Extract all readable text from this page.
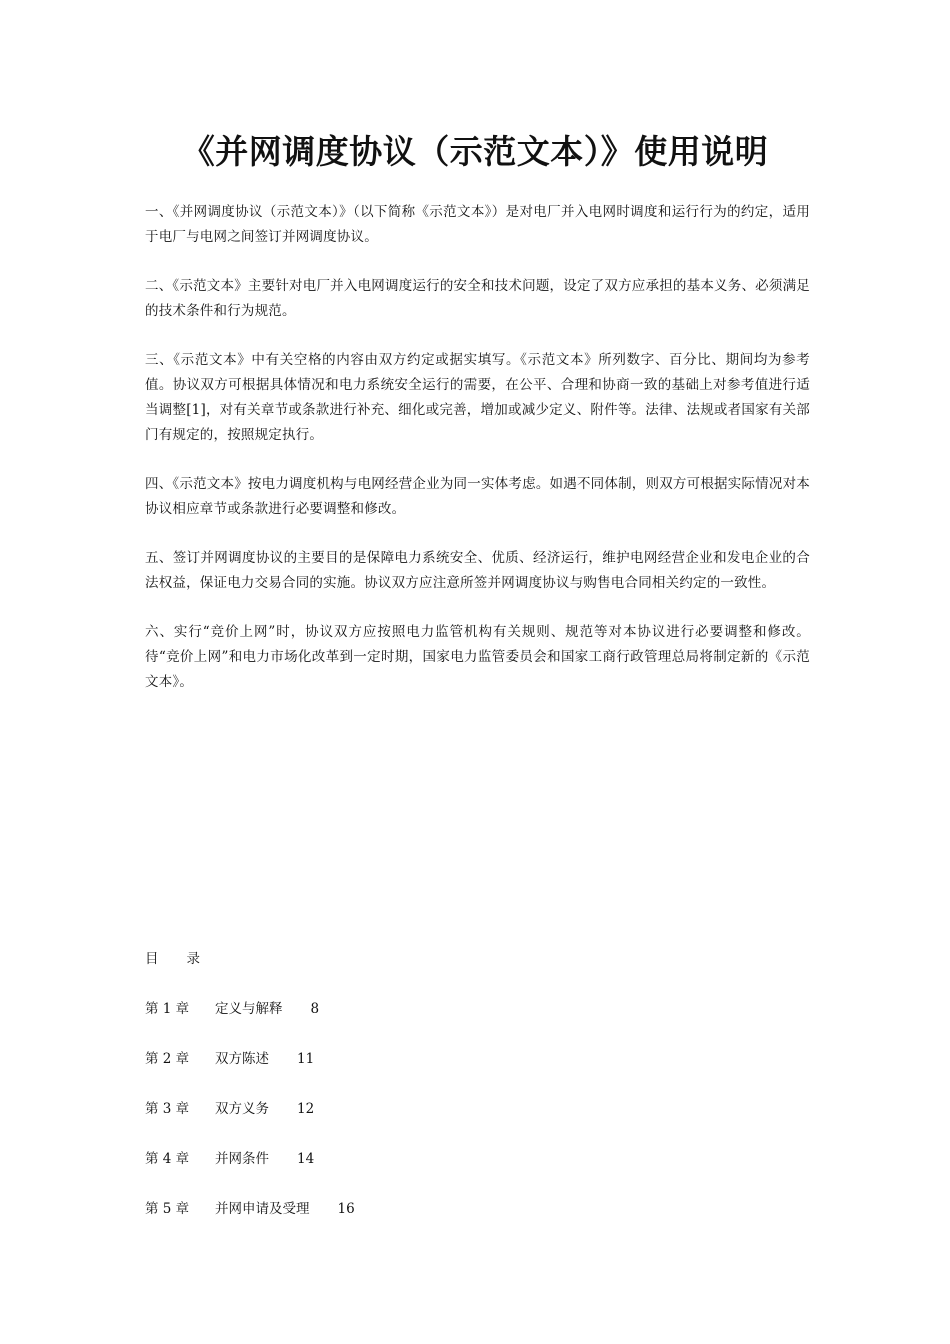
《并网调度协议（示范文本）》使用说明

一、《并网调度协议（示范文本）》（以下简称《示范文本》）是对电厂并入电网时调度和运行行为的约定，适用于电厂与电网之间签订并网调度协议。

二、《示范文本》主要针对电厂并入电网调度运行的安全和技术问题，设定了双方应承担的基本义务、必须满足的技术条件和行为规范。

三、《示范文本》中有关空格的内容由双方约定或据实填写。《示范文本》所列数字、百分比、期间均为参考值。协议双方可根据具体情况和电力系统安全运行的需要，在公平、合理和协商一致的基础上对参考值进行适当调整[1]，对有关章节或条款进行补充、细化或完善，增加或减少定义、附件等。法律、法规或者国家有关部门有规定的，按照规定执行。

四、《示范文本》按电力调度机构与电网经营企业为同一实体考虑。如遇不同体制，则双方可根据实际情况对本协议相应章节或条款进行必要调整和修改。

五、签订并网调度协议的主要目的是保障电力系统安全、优质、经济运行，维护电网经营企业和发电企业的合法权益，保证电力交易合同的实施。协议双方应注意所签并网调度协议与购售电合同相关约定的一致性。

六、实行“竞价上网”时，协议双方应按照电力监管机构有关规则、规范等对本协议进行必要调整和修改。待“竞价上网”和电力市场化改革到一定时期，国家电力监管委员会和国家工商行政管理总局将制定新的《示范文本》。

目 录
第 1 章 定义与解释 8
第 2 章 双方陈述 11
第 3 章 双方义务 12
第 4 章 并网条件 14
第 5 章 并网申请及受理 16
